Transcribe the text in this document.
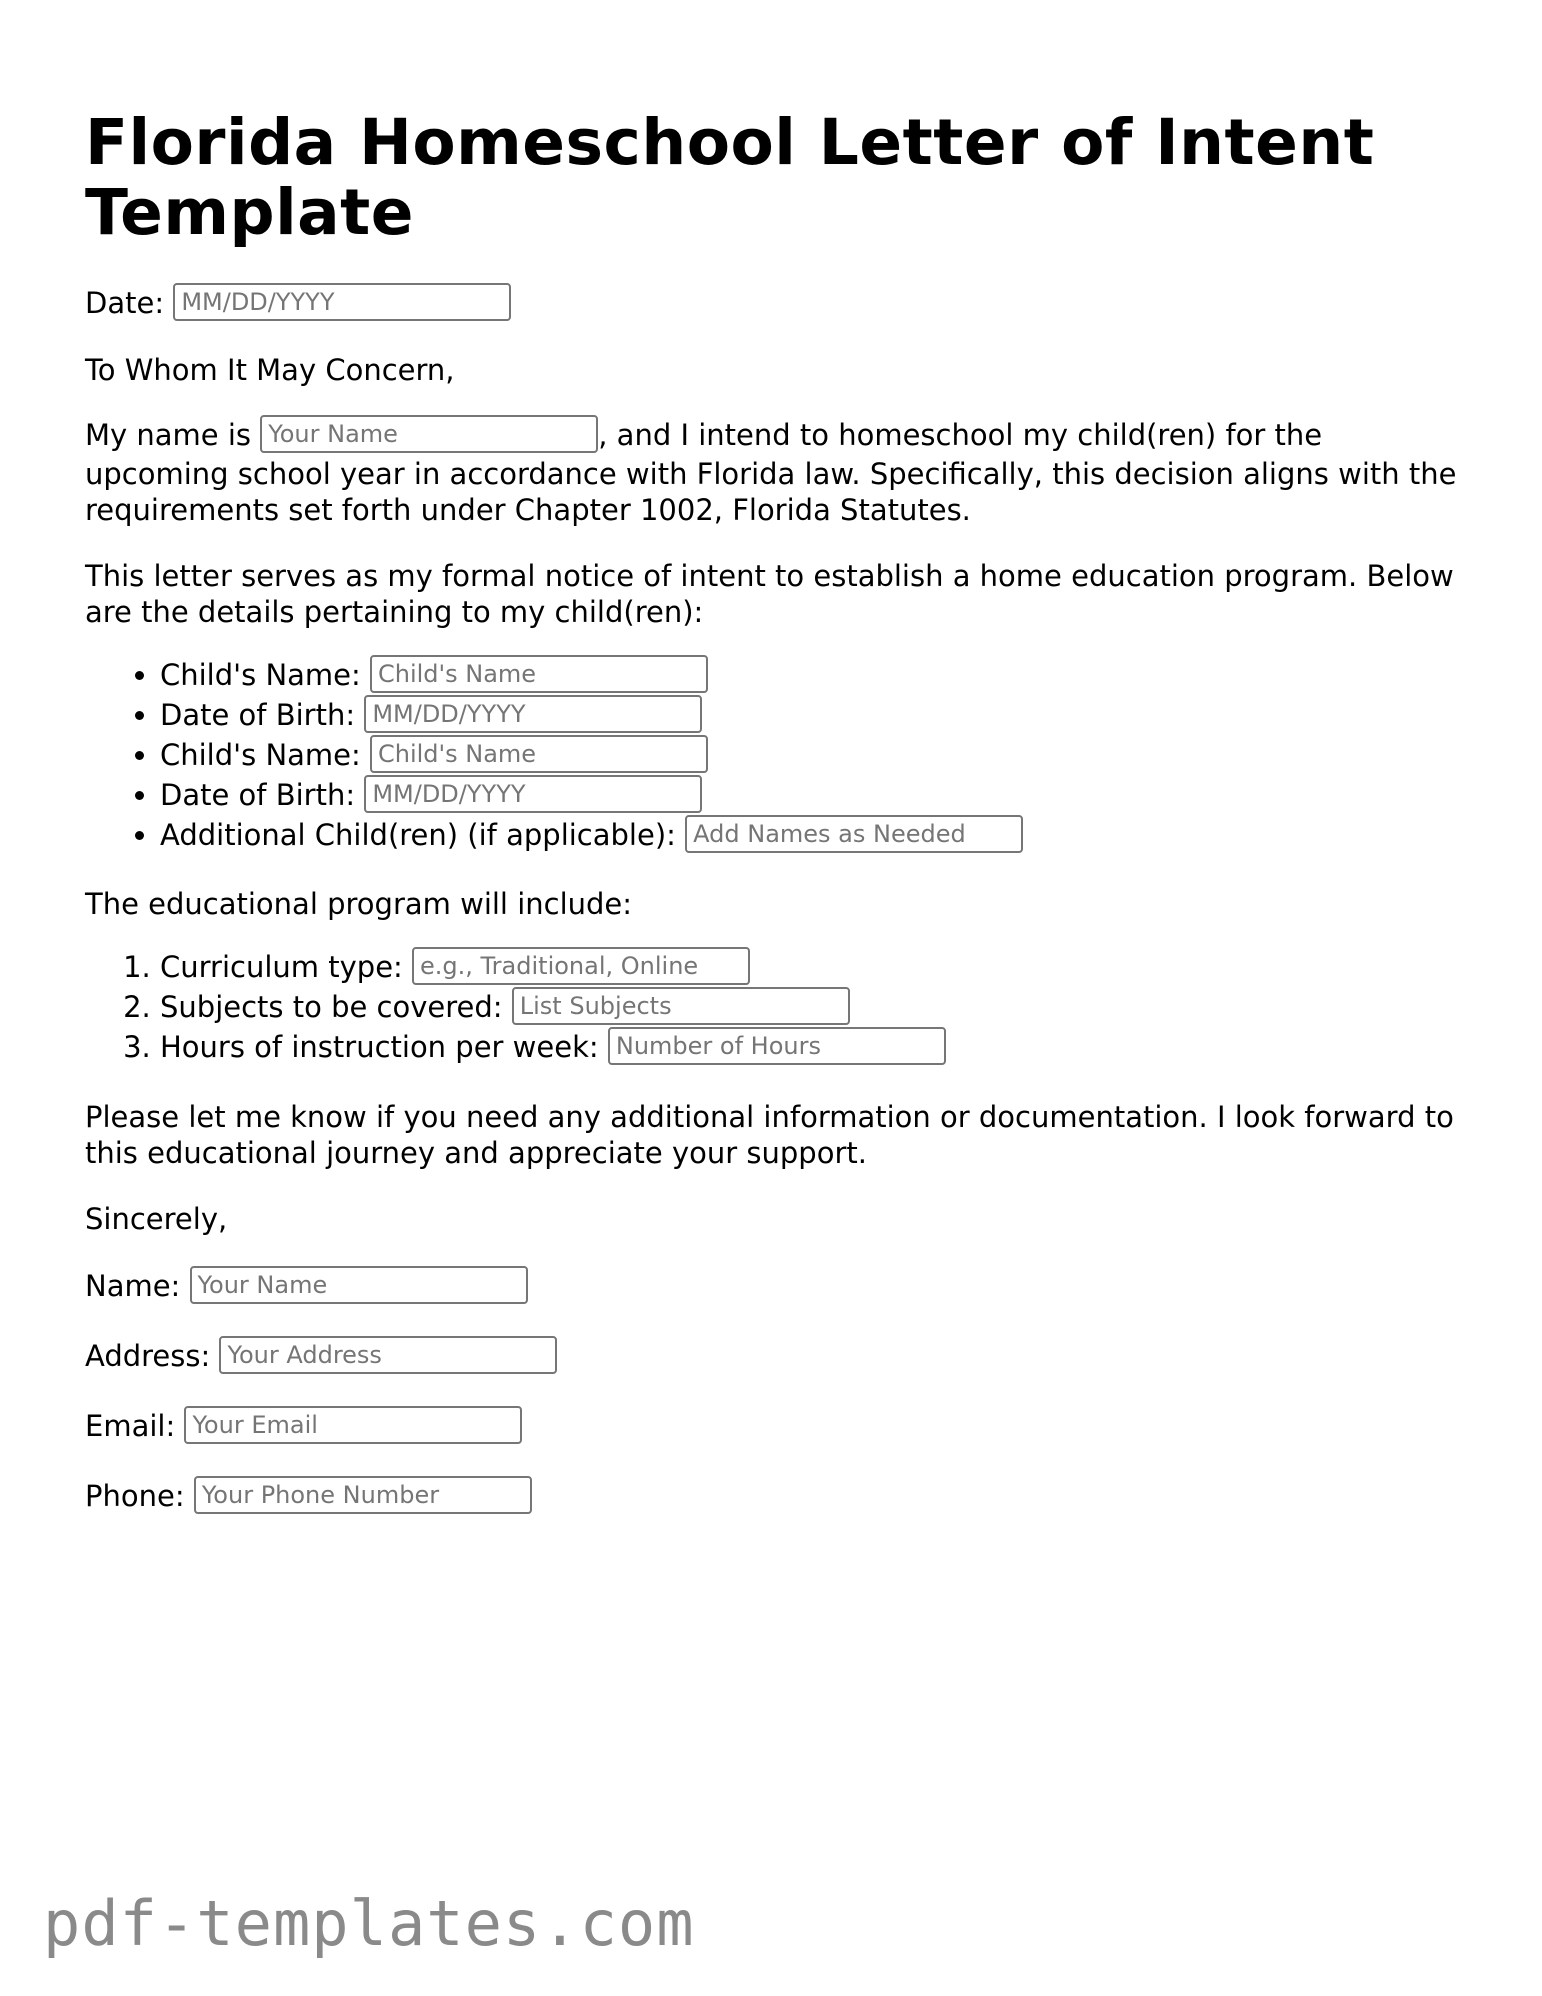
Florida Homeschool Letter of Intent Template

Date: MM/DD/YYYY

To Whom It May Concern,

My name is Your Name	, and I intend to homeschool my child(ren) for the upcoming school year in accordance with Florida law. Specifically, this decision aligns with the requirements set forth under Chapter 1002, Florida Statutes.

This letter serves as my formal notice of intent to establish a home education program. Below are the details pertaining to my child(ren):

• Child's Name: Child's Name
• Date of Birth: MM/DD/YYYY
• Child's Name: Child's Name
• Date of Birth: MM/DD/YYYY
• Additional Child(ren) (if applicable): Add Names as Needed

The educational program will include:

1. Curriculum type: e.g., Traditional, Online
2. Subjects to be covered: List Subjects
3. Hours of instruction per week: Number of Hours

Please let me know if you need any additional information or documentation. I look forward to this educational journey and appreciate your support.

Sincerely,

Name: Your Name

Address: Your Address

Email: Your Email

Phone: Your Phone Number

pdf-templates.com
